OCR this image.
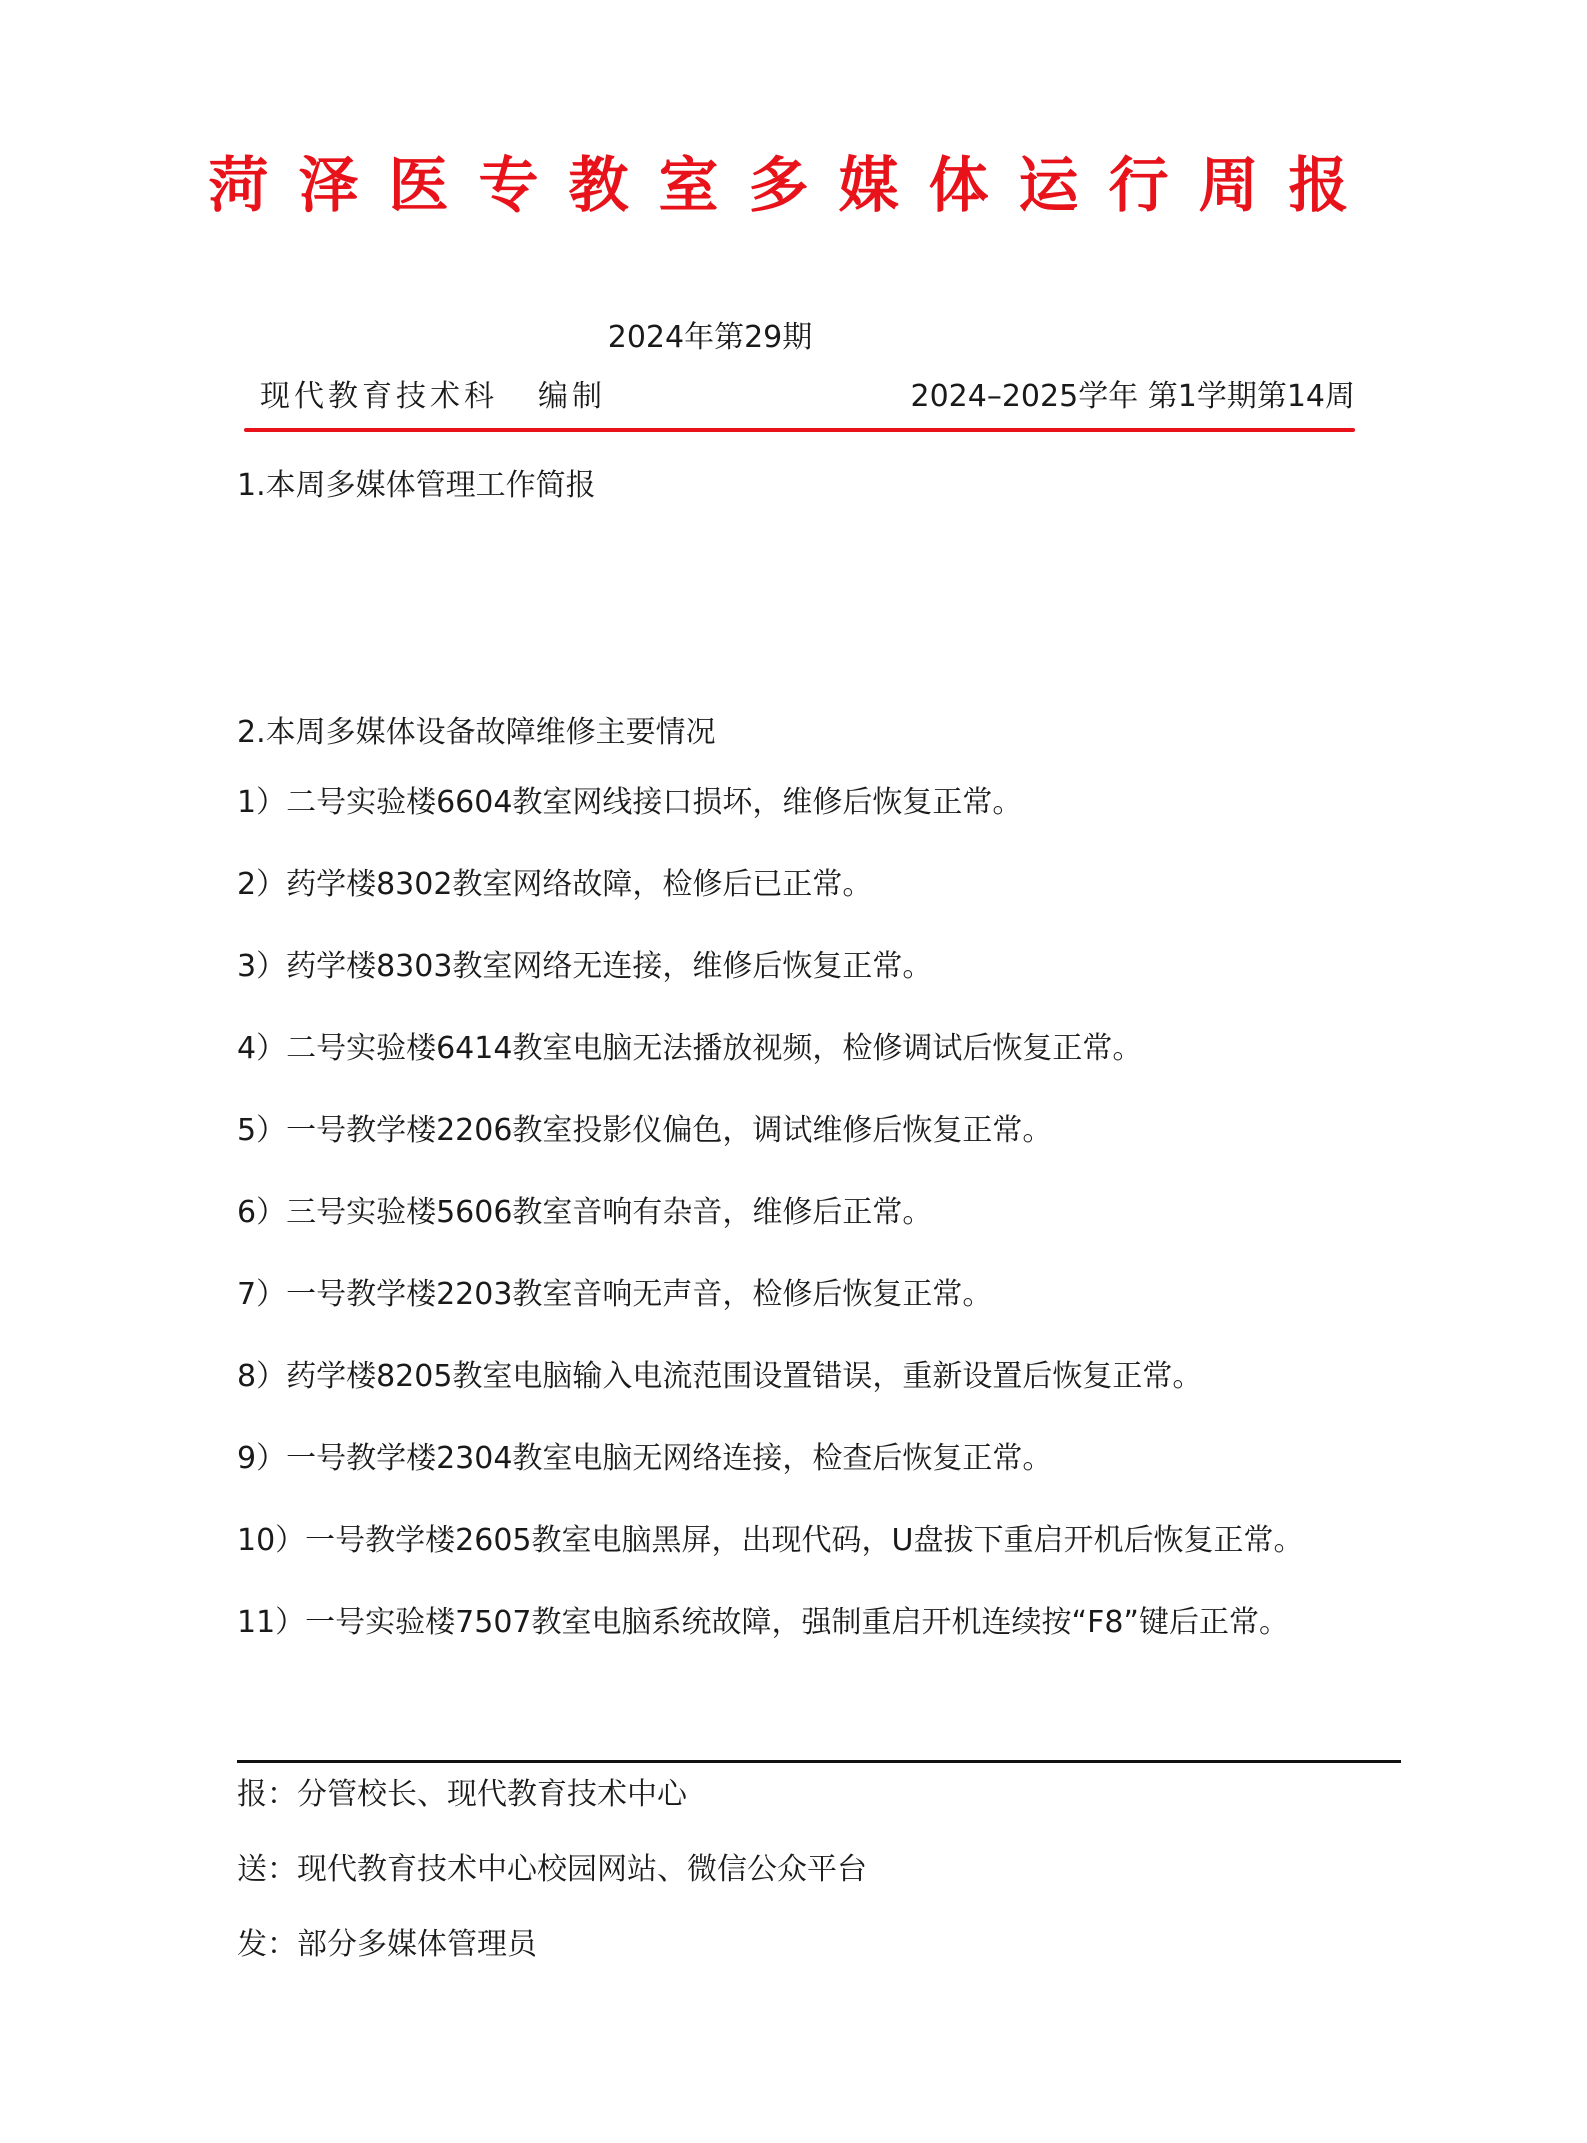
菏泽医专教室多媒体运行周报
2024年第29期
现代教育技术科 编制	2024–2025学年 第1学期第14周
1.本周多媒体管理工作简报
2.本周多媒体设备故障维修主要情况
1）二号实验楼6604教室网线接口损坏，维修后恢复正常。
2）药学楼8302教室网络故障，检修后已正常。
3）药学楼8303教室网络无连接，维修后恢复正常。
4）二号实验楼6414教室电脑无法播放视频，检修调试后恢复正常。
5）一号教学楼2206教室投影仪偏色，调试维修后恢复正常。
6）三号实验楼5606教室音响有杂音，维修后正常。
7）一号教学楼2203教室音响无声音，检修后恢复正常。
8）药学楼8205教室电脑输入电流范围设置错误，重新设置后恢复正常。
9）一号教学楼2304教室电脑无网络连接，检查后恢复正常。
10）一号教学楼2605教室电脑黑屏，出现代码，U盘拔下重启开机后恢复正常。
11）一号实验楼7507教室电脑系统故障，强制重启开机连续按“F8”键后正常。
报：分管校长、现代教育技术中心
送：现代教育技术中心校园网站、微信公众平台
发：部分多媒体管理员
